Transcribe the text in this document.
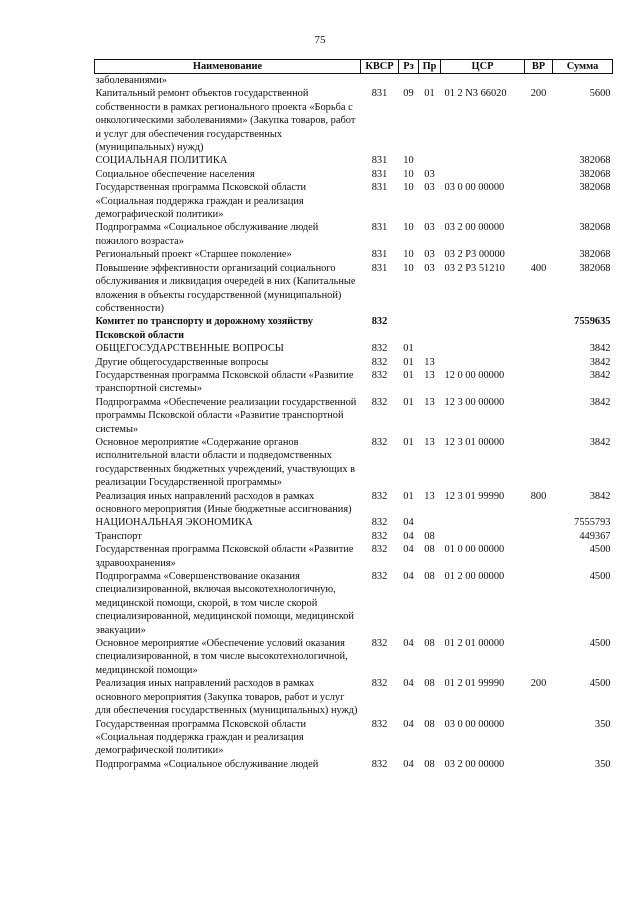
75
Наименование	КВСР	Рз	Пр	ЦСР	ВР	Сумма
заболеваниями»						
Капитальный ремонт объектов государственной собственности в рамках регионального проекта «Борьба с онкологическими заболеваниями» (Закупка товаров, работ и услуг для обеспечения государственных (муниципальных) нужд)	831	09	01	01 2 N3 66020	200	5600
СОЦИАЛЬНАЯ ПОЛИТИКА	831	10				382068
Социальное обеспечение населения	831	10	03			382068
Государственная программа Псковской области «Социальная поддержка граждан и реализация демографической политики»	831	10	03	03 0 00 00000		382068
Подпрограмма «Социальное обслуживание людей пожилого возраста»	831	10	03	03 2 00 00000		382068
Региональный проект «Старшее поколение»	831	10	03	03 2 P3 00000		382068
Повышение эффективности организаций социального обслуживания и ликвидация очередей в них (Капитальные вложения в объекты государственной (муниципальной) собственности)	831	10	03	03 2 P3 51210	400	382068
Комитет по транспорту и дорожному хозяйству Псковской области	832					7559635
ОБЩЕГОСУДАРСТВЕННЫЕ ВОПРОСЫ	832	01				3842
Другие общегосударственные вопросы	832	01	13			3842
Государственная программа Псковской области «Развитие транспортной системы»	832	01	13	12 0 00 00000		3842
Подпрограмма «Обеспечение реализации государственной программы Псковской области «Развитие транспортной системы»	832	01	13	12 3 00 00000		3842
Основное мероприятие «Содержание органов исполнительной власти области и подведомственных государственных бюджетных учреждений, участвующих в реализации Государственной программы»	832	01	13	12 3 01 00000		3842
Реализация иных направлений расходов в рамках основного мероприятия (Иные бюджетные ассигнования)	832	01	13	12 3 01 99990	800	3842
НАЦИОНАЛЬНАЯ ЭКОНОМИКА	832	04				7555793
Транспорт	832	04	08			449367
Государственная программа Псковской области «Развитие здравоохранения»	832	04	08	01 0 00 00000		4500
Подпрограмма «Совершенствование оказания специализированной, включая высокотехнологичную, медицинской помощи, скорой, в том числе скорой специализированной, медицинской помощи, медицинской эвакуации»	832	04	08	01 2 00 00000		4500
Основное мероприятие «Обеспечение условий оказания специализированной, в том числе высокотехнологичной, медицинской помощи»	832	04	08	01 2 01 00000		4500
Реализация иных направлений расходов в рамках основного мероприятия (Закупка товаров, работ и услуг для обеспечения государственных (муниципальных) нужд)	832	04	08	01 2 01 99990	200	4500
Государственная программа Псковской области «Социальная поддержка граждан и реализация демографической политики»	832	04	08	03 0 00 00000		350
Подпрограмма «Социальное обслуживание людей	832	04	08	03 2 00 00000		350
